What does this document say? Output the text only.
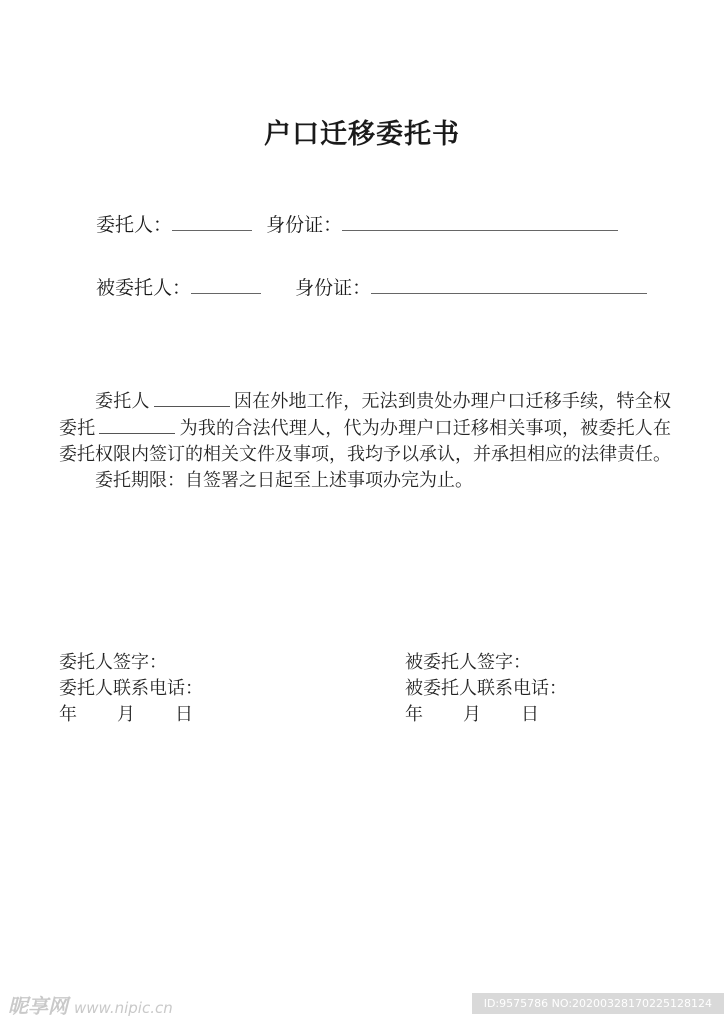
户口迁移委托书
委托人：	身份证：
被委托人：	身份证：

委托人	因在外地工作，无法到贵处办理户口迁移手续，特全权委托	为我的合法代理人，代为办理户口迁移相关事项，被委托人在委托权限内签订的相关文件及事项，我均予以承认，并承担相应的法律责任。

委托期限：自签署之日起至上述事项办完为止。

委托人签字：
委托人联系电话：
年 月 日
被委托人签字：
被委托人联系电话：
年 月 日
昵享网 www.nipic.cn	ID:9575786 NO:20200328170225128124
